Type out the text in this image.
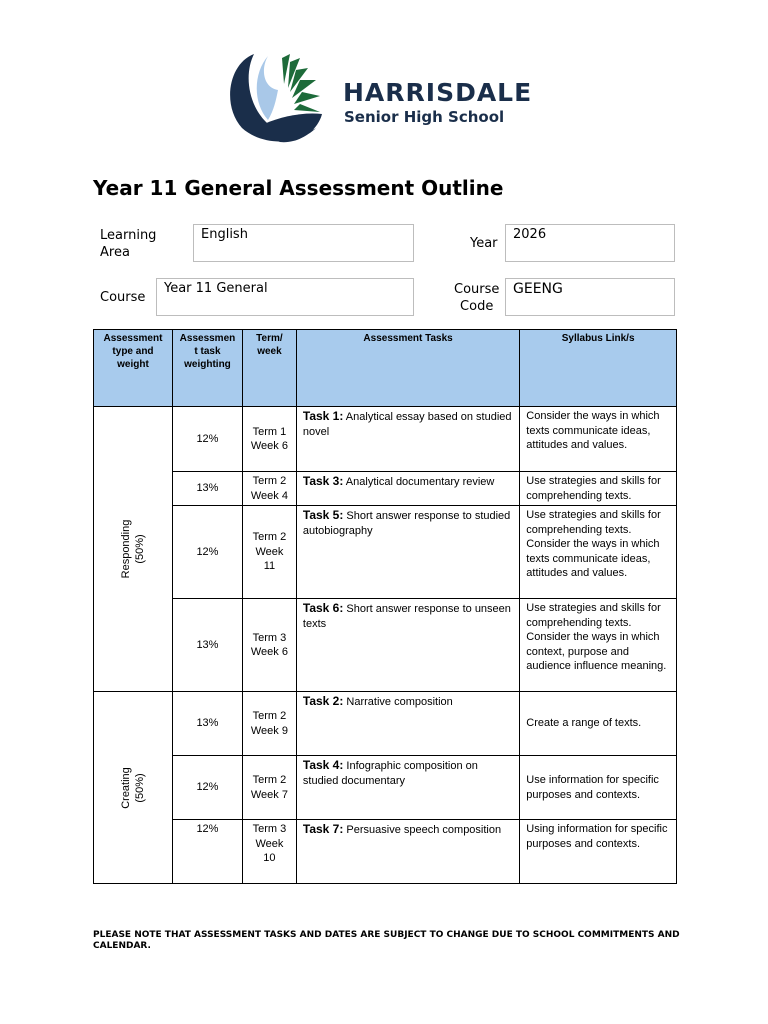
HARRISDALE
Senior High School
Year 11 General Assessment Outline
Learning
Area
English
Year
2026
Course
Year 11 General	Course
Code
GEENG
Assessment type and weight	Assessmen t task weighting	Term/ week	Assessment Tasks	Syllabus Link/s

Responding (50%)	12%	Term 1 Week 6	Task 1: Analytical essay based on studied novel	Consider the ways in which texts communicate ideas, attitudes and values.
	13%	Term 2 Week 4	Task 3: Analytical documentary review	Use strategies and skills for comprehending texts.
	12%	Term 2 Week 11	Task 5: Short answer response to studied autobiography	Use strategies and skills for comprehending texts. Consider the ways in which texts communicate ideas, attitudes and values.
	13%	Term 3 Week 6	Task 6: Short answer response to unseen texts	Use strategies and skills for comprehending texts. Consider the ways in which context, purpose and audience influence meaning.

Creating (50%)	13%	Term 2 Week 9	Task 2: Narrative composition	Create a range of texts.
	12%	Term 2 Week 7	Task 4: Infographic composition on studied documentary	Use information for specific purposes and contexts.
	12%	Term 3 Week 10	Task 7: Persuasive speech composition	Using information for specific purposes and contexts.
PLEASE NOTE THAT ASSESSMENT TASKS AND DATES ARE SUBJECT TO CHANGE DUE TO SCHOOL COMMITMENTS AND CALENDAR.
